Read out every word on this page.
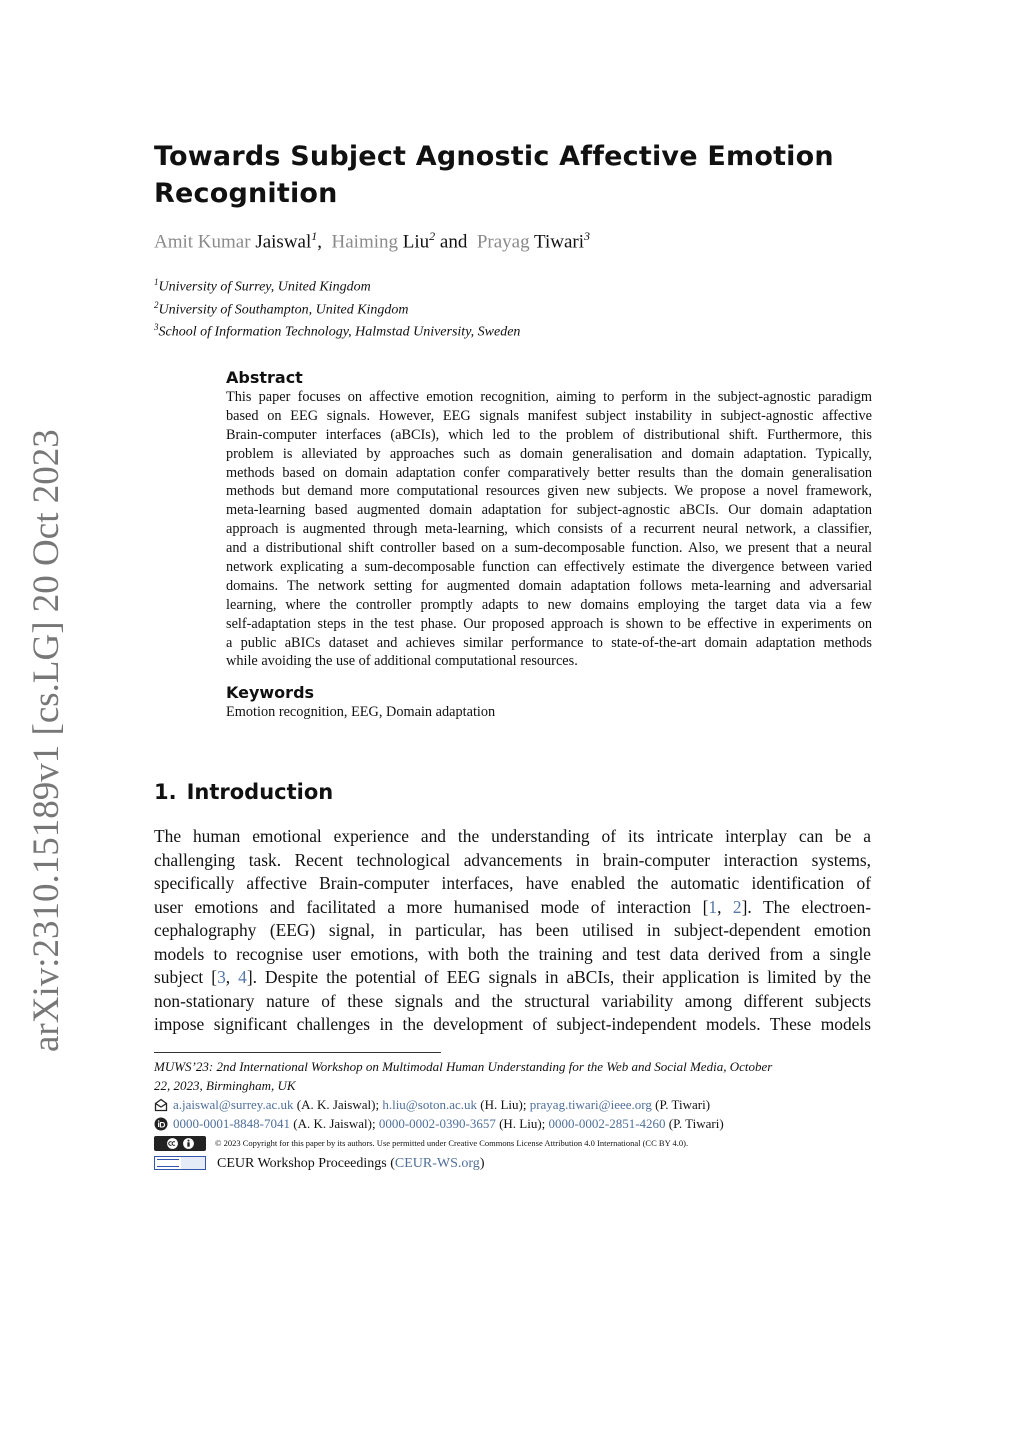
arXiv:2310.15189v1 [cs.LG] 20 Oct 2023
Towards Subject Agnostic Affective Emotion
Recognition
Amit Kumar Jaiswal$^1$, Haiming Liu$^2$ and Prayag Tiwari$^3$
$^1$University of Surrey, United Kingdom
$^2$University of Southampton, United Kingdom
$^3$School of Information Technology, Halmstad University, Sweden
Abstract
This paper focuses on affective emotion recognition, aiming to perform in the subject-agnostic paradigm
based on EEG signals. However, EEG signals manifest subject instability in subject-agnostic affective
Brain-computer interfaces (aBCIs), which led to the problem of distributional shift. Furthermore, this
problem is alleviated by approaches such as domain generalisation and domain adaptation. Typically,
methods based on domain adaptation confer comparatively better results than the domain generalisation
methods but demand more computational resources given new subjects. We propose a novel framework,
meta-learning based augmented domain adaptation for subject-agnostic aBCIs. Our domain adaptation
approach is augmented through meta-learning, which consists of a recurrent neural network, a classifier,
and a distributional shift controller based on a sum-decomposable function. Also, we present that a neural
network explicating a sum-decomposable function can effectively estimate the divergence between varied
domains. The network setting for augmented domain adaptation follows meta-learning and adversarial
learning, where the controller promptly adapts to new domains employing the target data via a few
self-adaptation steps in the test phase. Our proposed approach is shown to be effective in experiments on
a public aBICs dataset and achieves similar performance to state-of-the-art domain adaptation methods
while avoiding the use of additional computational resources.
Keywords
Emotion recognition, EEG, Domain adaptation
1. Introduction
The human emotional experience and the understanding of its intricate interplay can be a
challenging task. Recent technological advancements in brain-computer interaction systems,
specifically affective Brain-computer interfaces, have enabled the automatic identification of
user emotions and facilitated a more humanised mode of interaction [1, 2]. The electroen-
cephalography (EEG) signal, in particular, has been utilised in subject-dependent emotion
models to recognise user emotions, with both the training and test data derived from a single
subject [3, 4]. Despite the potential of EEG signals in aBCIs, their application is limited by the
non-stationary nature of these signals and the structural variability among different subjects
impose significant challenges in the development of subject-independent models. These models
MUWS’23: 2nd International Workshop on Multimodal Human Understanding for the Web and Social Media, October
22, 2023, Birmingham, UK
a.jaiswal@surrey.ac.uk
(A. K. Jaiswal);
h.liu@soton.ac.uk
(H. Liu);
prayag.tiwari@ieee.org
(P. Tiwari)
0000-0001-8848-7041
(A. K. Jaiswal);
0000-0002-0390-3657
(H. Liu);
0000-0002-2851-4260
(P. Tiwari)
© 2023 Copyright for this paper by its authors. Use permitted under Creative Commons License Attribution 4.0 International (CC BY 4.0).
CEUR Workshop Proceedings ( CEUR-WS.org )
